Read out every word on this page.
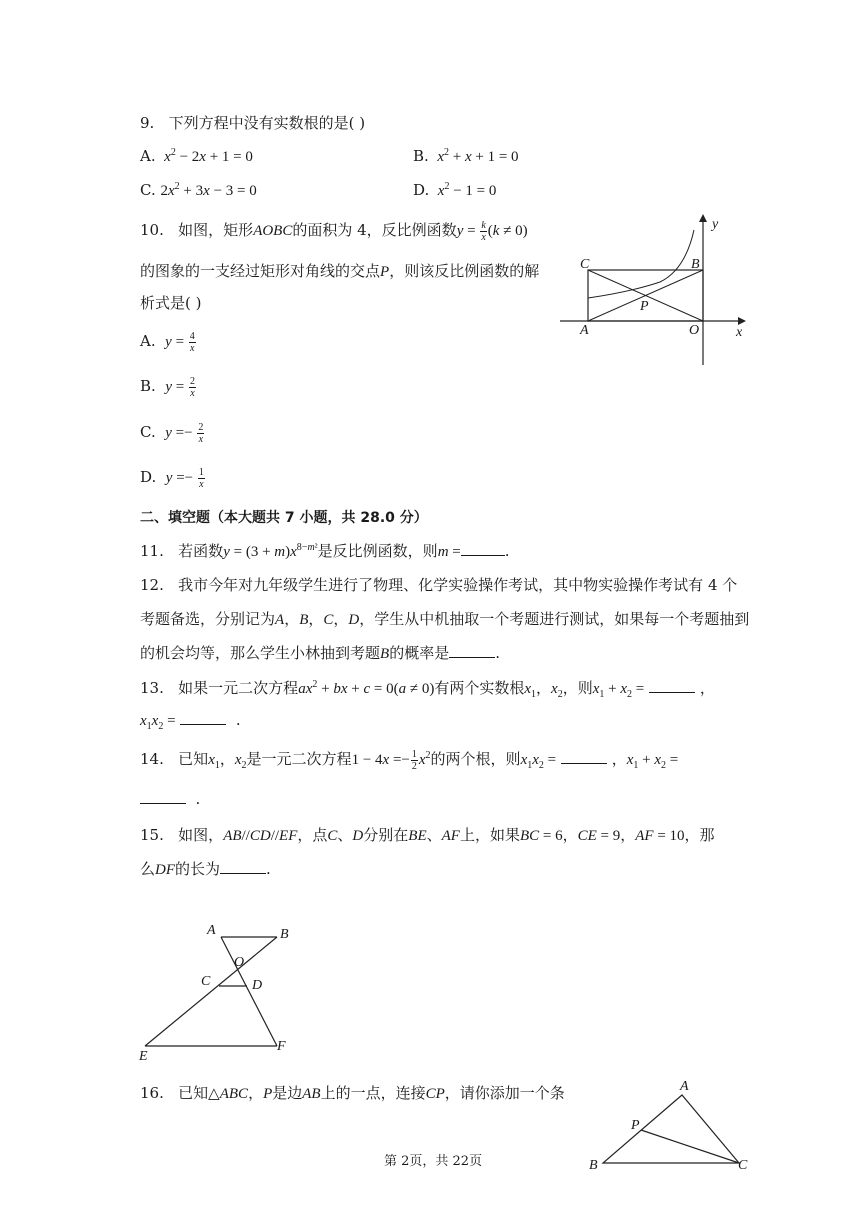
9. 下列方程中没有实数根的是( )
A.  $x^2 - 2x + 1 = 0$	B.  $x^2 + x + 1 = 0$
C. $2x^2 + 3x - 3 = 0$	D.  $x^2 - 1 = 0$
10. 如图，矩形AOBC的面积为 4，反比例函数$y = \frac{k}{x} (k \ne 0)$
的图象的一支经过矩形对角线的交点P，则该反比例函数的解
析式是( )
A.  $y = \frac{4}{x}$
B.  $y = \frac{2}{x}$
C.  $y =- \frac{2}{x}$
D.  $y =- \frac{1}{x}$
y
x
C	B
P
A	O
二、填空题（本大题共 7 小题，共 28.0 分）
11. 若函数$y = (3 + m)x^{8-m^2}$是反比例函数，则m =	.
12. 我市今年对九年级学生进行了物理、化学实验操作考试，其中物实验操作考试有 4 个
考题备选，分别记为A，B，C，D，学生从中机抽取一个考题进行测试，如果每一个考题抽到
的机会均等，那么学生小林抽到考题B的概率是	.
13. 如果一元二次方程$ax^2$ + bx + c = 0(a ≠ 0)有两个实数根$x_1$，$x_2$，则$x_1 + x_2$ =	，
$x_1x_2$ =	.
14. 已知$x_1$，$x_2$是一元二次方程$1 - 4x =- \frac{1}{2} x^2$的两个根，则$x_1x_2$ =	，$x_1 + x_2$ =
.
15. 如图，AB//CD//EF，点C、D分别在BE、AF上，如果BC = 6，CE = 9，AF = 10，那
么DF的长为	.
A	B
O
C	D
E
F
16. 已知△ABC，P是边AB上的一点，连接CP，请你添加一个条	A
P
B	C
第 2页，共 22页
